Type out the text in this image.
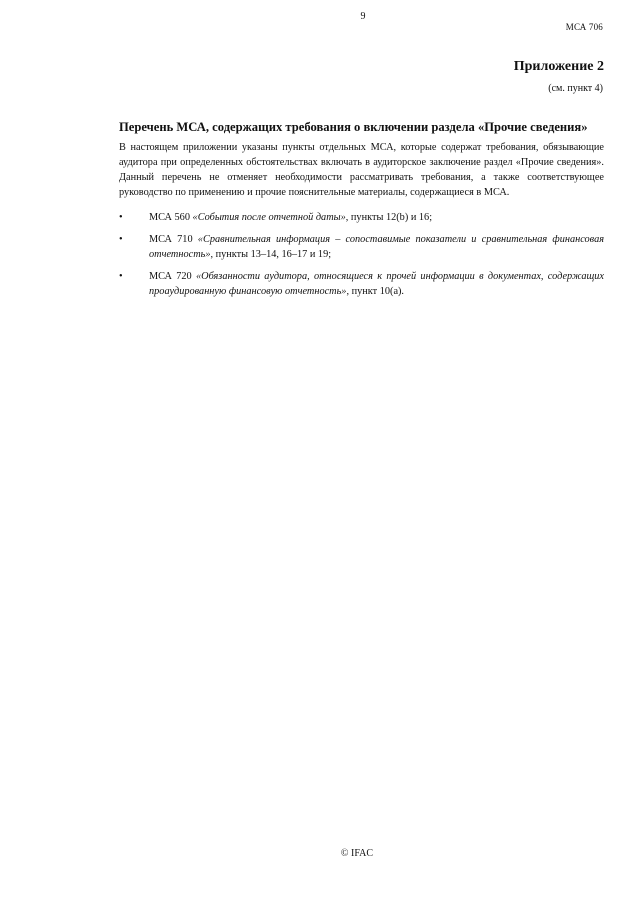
9
МСА 706
Приложение 2
(см. пункт 4)
Перечень МСА, содержащих требования о включении раздела «Прочие сведения»
В настоящем приложении указаны пункты отдельных МСА, которые содержат требования, обязывающие аудитора при определенных обстоятельствах включать в аудиторское заключение раздел «Прочие сведения». Данный перечень не отменяет необходимости рассматривать требования, а также соответствующее руководство по применению и прочие пояснительные материалы, содержащиеся в МСА.
•	МСА 560 «События после отчетной даты», пункты 12(b) и 16;
•	МСА 710 «Сравнительная информация – сопоставимые показатели и сравнительная финансовая отчетность», пункты 13–14, 16–17 и 19;
•	МСА 720 «Обязанности аудитора, относящиеся к прочей информации в документах, содержащих проаудированную финансовую отчетность», пункт 10(a).
© IFAC
